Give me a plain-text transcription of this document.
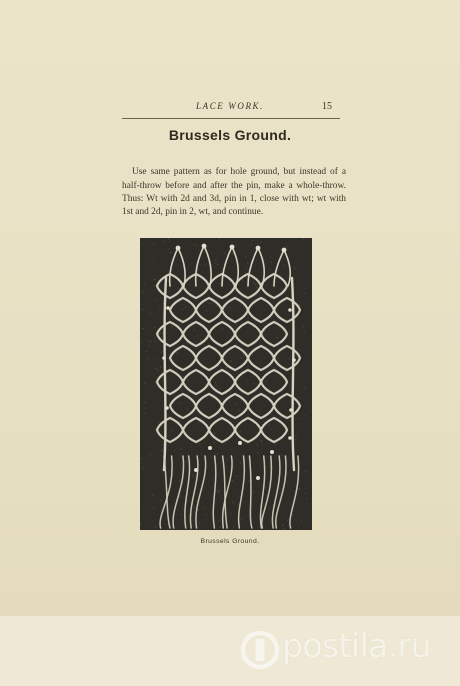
LACE WORK.	15
Brussels Ground.

Use same pattern as for hole ground, but instead of a half-throw before and after the pin, make a whole-throw. Thus: Wt with 2d and 3d, pin in 1, close with wt; wt with 1st and 2d, pin in 2, wt, and continue.

Brussels Ground.
postila.ru
